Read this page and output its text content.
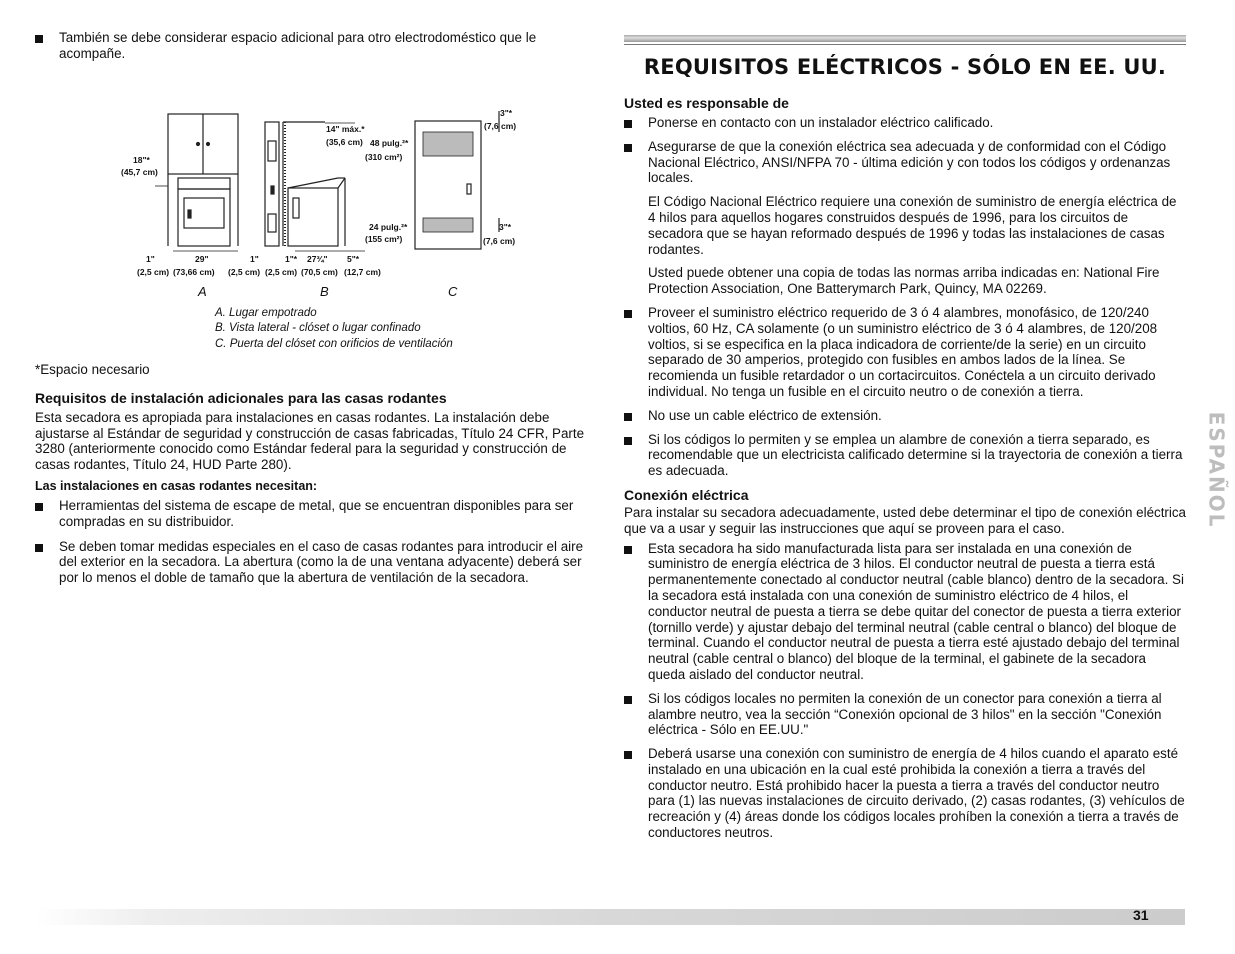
También se debe considerar espacio adicional para otro electrodoméstico que le acompañe.
18"*
(45,7 cm)
1"
(2,5 cm)
29"
(73,66 cm)
1"
(2,5 cm)
14" máx.*
(35,6 cm) 48 pulg.²*
(310 cm²)
24 pulg.²*
(155 cm²)
1"*
(2,5 cm)
27¾"
(70,5 cm)
5"*
(12,7 cm)
3"*
(7,6 cm)
3"*
(7,6 cm)
A	B	C
A. Lugar empotrado
B. Vista lateral - clóset o lugar confinado
C. Puerta del clóset con orificios de ventilación
*Espacio necesario
Requisitos de instalación adicionales para las casas rodantes
Esta secadora es apropiada para instalaciones en casas rodantes. La instalación debe ajustarse al Estándar de seguridad y construcción de casas fabricadas, Título 24 CFR, Parte 3280 (anteriormente conocido como Estándar federal para la seguridad y construcción de casas rodantes, Título 24, HUD Parte 280).
Las instalaciones en casas rodantes necesitan:
Herramientas del sistema de escape de metal, que se encuentran disponibles para ser compradas en su distribuidor.
Se deben tomar medidas especiales en el caso de casas rodantes para introducir el aire del exterior en la secadora. La abertura (como la de una ventana adyacente) deberá ser por lo menos el doble de tamaño que la abertura de ventilación de la secadora.
REQUISITOS ELÉCTRICOS - SÓLO EN EE. UU.
Usted es responsable de
Ponerse en contacto con un instalador eléctrico calificado.
Asegurarse de que la conexión eléctrica sea adecuada y de conformidad con el Código Nacional Eléctrico, ANSI/NFPA 70 - última edición y con todos los códigos y ordenanzas locales.
El Código Nacional Eléctrico requiere una conexión de suministro de energía eléctrica de 4 hilos para aquellos hogares construidos después de 1996, para los circuitos de secadora que se hayan reformado después de 1996 y todas las instalaciones de casas rodantes.
Usted puede obtener una copia de todas las normas arriba indicadas en: National Fire Protection Association, One Batterymarch Park, Quincy, MA 02269.
Proveer el suministro eléctrico requerido de 3 ó 4 alambres, monofásico, de 120/240 voltios, 60 Hz, CA solamente (o un suministro eléctrico de 3 ó 4 alambres, de 120/208 voltios, si se especifica en la placa indicadora de corriente/de la serie) en un circuito separado de 30 amperios, protegido con fusibles en ambos lados de la línea. Se recomienda un fusible retardador o un cortacircuitos. Conéctela a un circuito derivado individual. No tenga un fusible en el circuito neutro o de conexión a tierra.
No use un cable eléctrico de extensión.
Si los códigos lo permiten y se emplea un alambre de conexión a tierra separado, es recomendable que un electricista calificado determine si la trayectoria de conexión a tierra es adecuada.
Conexión eléctrica
Para instalar su secadora adecuadamente, usted debe determinar el tipo de conexión eléctrica que va a usar y seguir las instrucciones que aquí se proveen para el caso.
Esta secadora ha sido manufacturada lista para ser instalada en una conexión de suministro de energía eléctrica de 3 hilos. El conductor neutral de puesta a tierra está permanentemente conectado al conductor neutral (cable blanco) dentro de la secadora. Si la secadora está instalada con una conexión de suministro eléctrico de 4 hilos, el conductor neutral de puesta a tierra se debe quitar del conector de puesta a tierra exterior (tornillo verde) y ajustar debajo del terminal neutral (cable central o blanco) del bloque de terminal. Cuando el conductor neutral de puesta a tierra esté ajustado debajo del terminal neutral (cable central o blanco) del bloque de la terminal, el gabinete de la secadora queda aislado del conductor neutral.
Si los códigos locales no permiten la conexión de un conector para conexión a tierra al alambre neutro, vea la sección “Conexión opcional de 3 hilos" en la sección "Conexión eléctrica - Sólo en EE.UU."
Deberá usarse una conexión con suministro de energía de 4 hilos cuando el aparato esté instalado en una ubicación en la cual esté prohibida la conexión a tierra a través del conductor neutro. Está prohibido hacer la puesta a tierra a través del conductor neutro para (1) las nuevas instalaciones de circuito derivado, (2) casas rodantes, (3) vehículos de recreación y (4) áreas donde los códigos locales prohíben la conexión a tierra a través de conductores neutros.
ESPAÑOL
31
